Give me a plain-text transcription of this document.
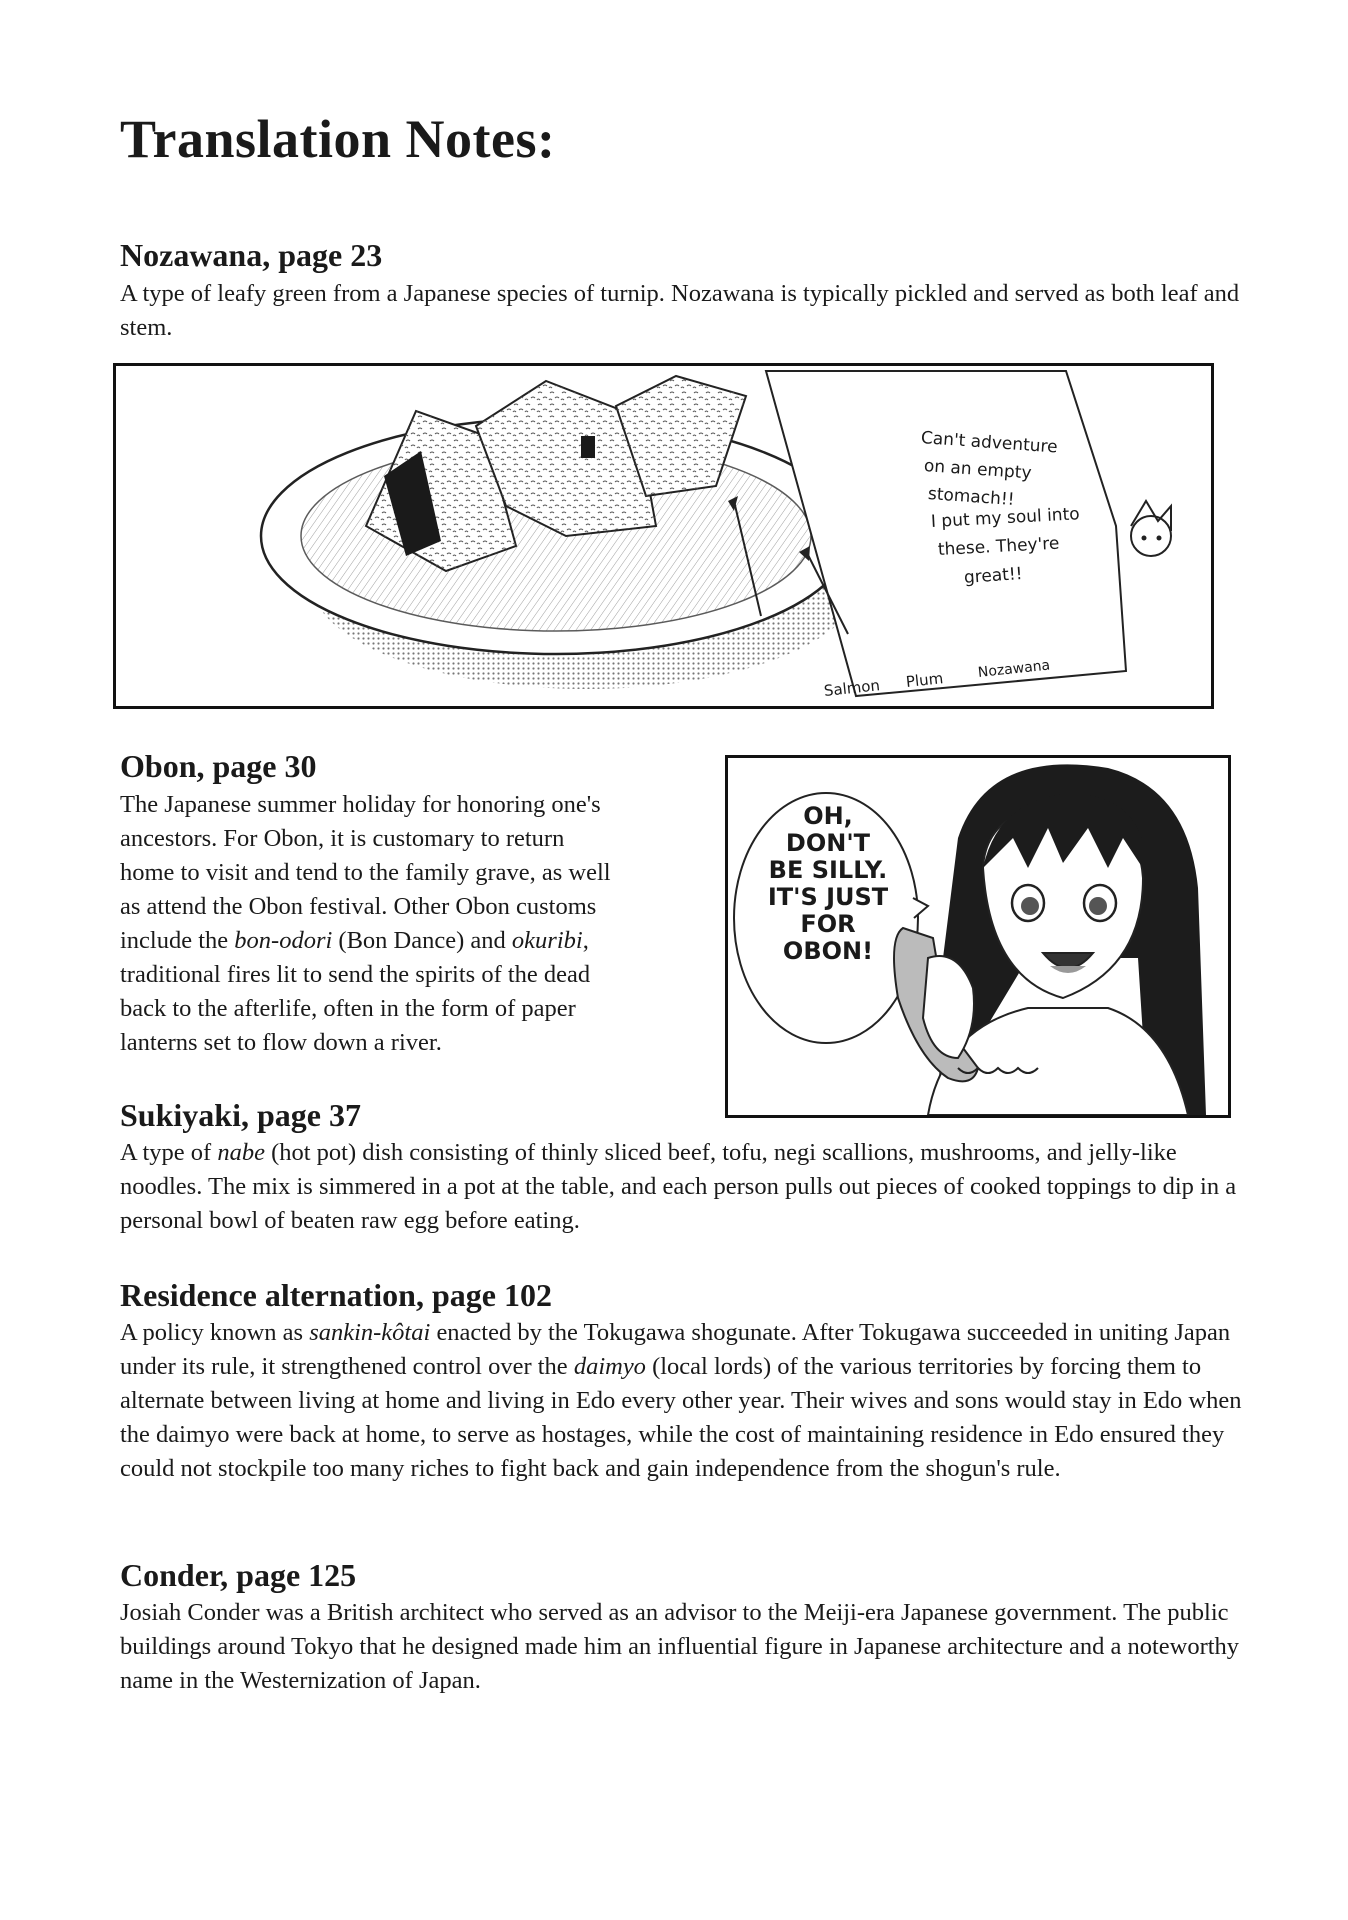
Translation Notes:
Nozawana, page 23

A type of leafy green from a Japanese species of turnip. Nozawana is typically pickled and served as both leaf and stem.

Can't adventure
on an empty
stomach!!
I put my soul into
these. They're
great!!
Salmon Plum Nozawana
Obon, page 30
The Japanese summer holiday for honoring one's
ancestors. For Obon, it is customary to return
home to visit and tend to the family grave, as well
as attend the Obon festival. Other Obon customs
include the bon-odori (Bon Dance) and okuribi,
traditional fires lit to send the spirits of the dead
back to the afterlife, often in the form of paper
lanterns set to flow down a river.
OH,
DON'T
BE SILLY.
IT'S JUST
FOR
OBON!
Sukiyaki, page 37

A type of nabe (hot pot) dish consisting of thinly sliced beef, tofu, negi scallions, mushrooms, and jelly-like noodles. The mix is simmered in a pot at the table, and each person pulls out pieces of cooked toppings to dip in a personal bowl of beaten raw egg before eating.

Residence alternation, page 102

A policy known as sankin-kôtai enacted by the Tokugawa shogunate. After Tokugawa succeeded in uniting Japan under its rule, it strengthened control over the daimyo (local lords) of the various territories by forcing them to alternate between living at home and living in Edo every other year. Their wives and sons would stay in Edo when the daimyo were back at home, to serve as hostages, while the cost of maintaining residence in Edo ensured they could not stockpile too many riches to fight back and gain independence from the shogun's rule.

Conder, page 125

Josiah Conder was a British architect who served as an advisor to the Meiji-era Japanese government. The public buildings around Tokyo that he designed made him an influential figure in Japanese architecture and a noteworthy name in the Westernization of Japan.
